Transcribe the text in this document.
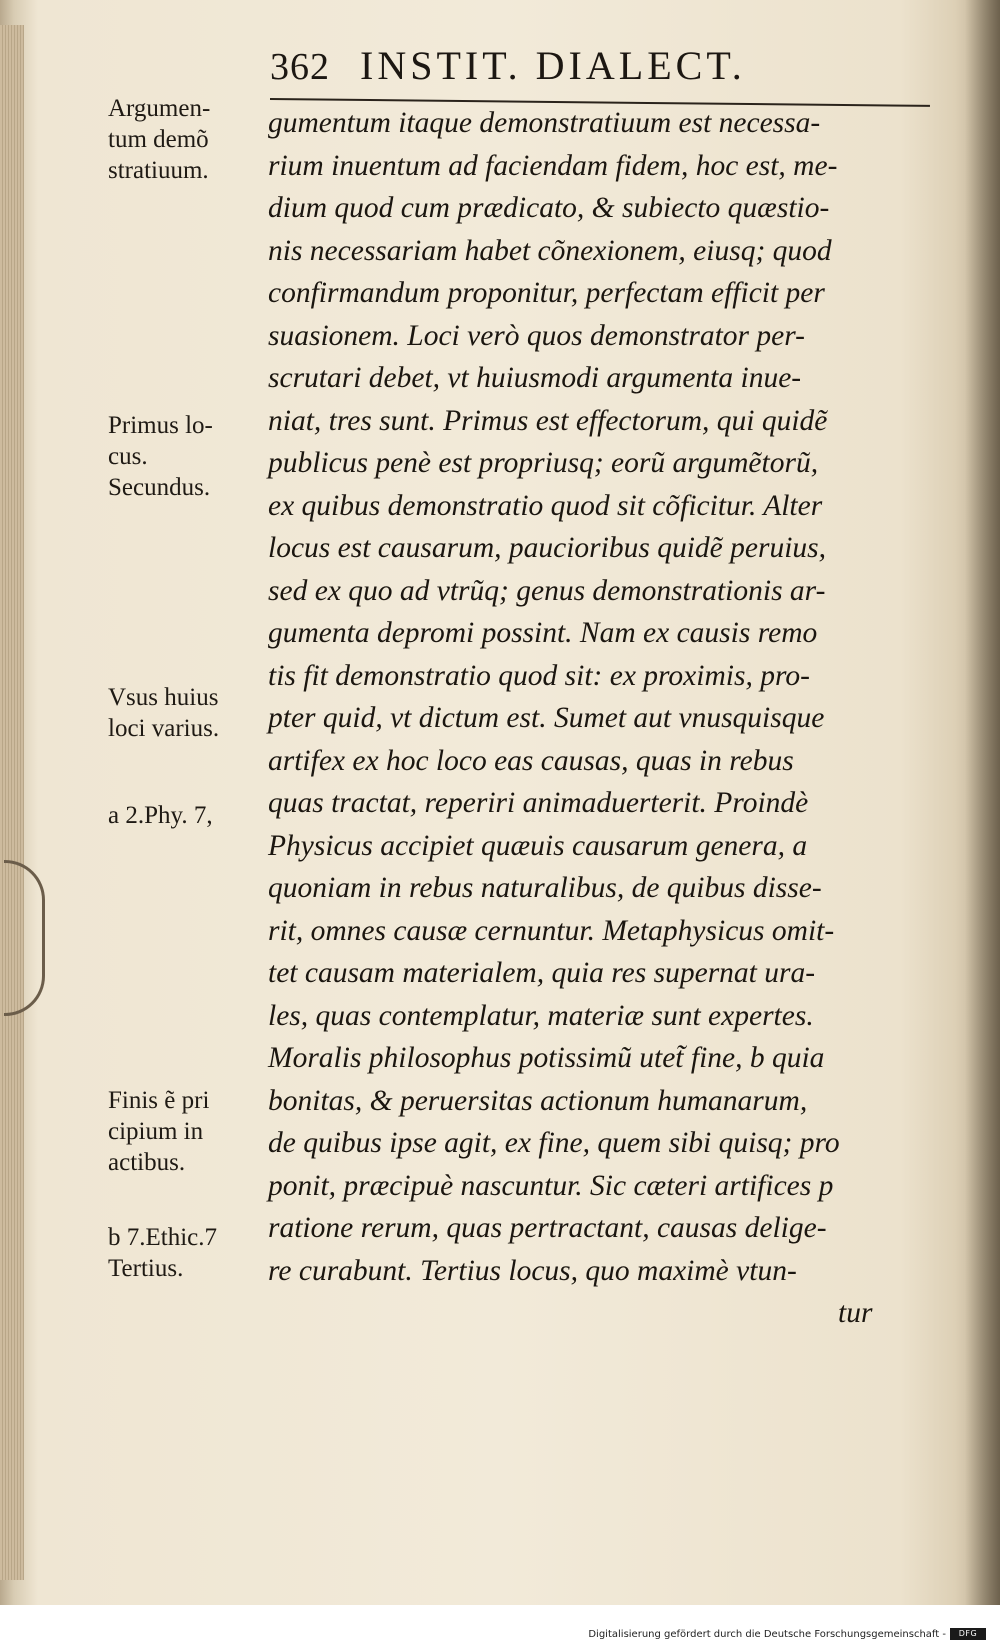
362 INSTIT. DIALECT.
gumentum itaque demonstratiuum est necessa-
rium inuentum ad faciendam fidem, hoc est, me-
dium quod cum prædicato, & subiecto quæstio-
nis necessariam habet cõnexionem, eiusq; quod
confirmandum proponitur, perfectam efficit per
suasionem. Loci verò quos demonstrator per-
scrutari debet, vt huiusmodi argumenta inue-
niat, tres sunt. Primus est effectorum, qui quidẽ
publicus penè est propriusq; eorũ argumẽtorũ,
ex quibus demonstratio quod sit cõficitur. Alter
locus est causarum, paucioribus quidẽ peruius,
sed ex quo ad vtrũq; genus demonstrationis ar-
gumenta depromi possint. Nam ex causis remo
tis fit demonstratio quod sit: ex proximis, pro-
pter quid, vt dictum est. Sumet aut vnusquisque
artifex ex hoc loco eas causas, quas in rebus
quas tractat, reperiri animaduerterit. Proindè
Physicus accipiet quæuis causarum genera, a
quoniam in rebus naturalibus, de quibus disse-
rit, omnes causæ cernuntur. Metaphysicus omit-
tet causam materialem, quia res supernat ura-
les, quas contemplatur, materiæ sunt expertes.
Moralis philosophus potissimũ utet̃ fine, b quia
bonitas, & peruersitas actionum humanarum,
de quibus ipse agit, ex fine, quem sibi quisq; pro
ponit, præcipuè nascuntur. Sic cæteri artifices p
ratione rerum, quas pertractant, causas delige-
re curabunt. Tertius locus, quo maximè vtun-
tur
Argumen-
tum demõ
stratiuum.
Primus lo-
cus.
Secundus.
Vsus huius
loci varius.
a 2.Phy. 7,
Finis ẽ pri
cipium in
actibus.
b 7.Ethic.7
Tertius.
Digitalisierung gefördert durch die Deutsche Forschungsgemeinschaft -	DFG
